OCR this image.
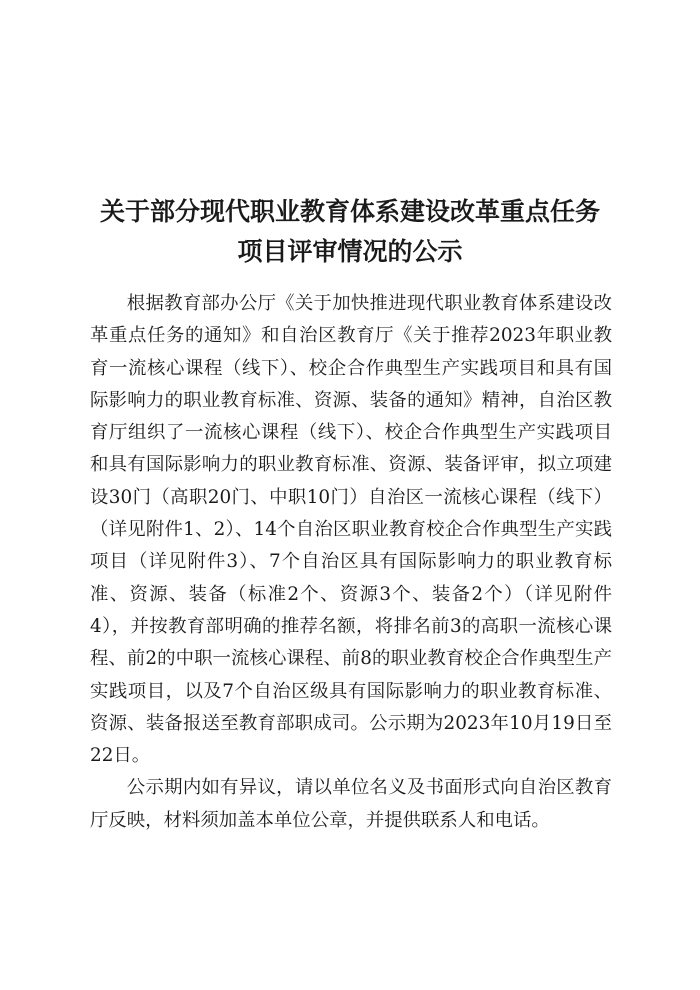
关于部分现代职业教育体系建设改革重点任务
项目评审情况的公示

根据教育部办公厅《关于加快推进现代职业教育体系建设改革重点任务的通知》和自治区教育厅《关于推荐2023年职业教育一流核心课程（线下）、校企合作典型生产实践项目和具有国际影响力的职业教育标准、资源、装备的通知》精神，自治区教育厅组织了一流核心课程（线下）、校企合作典型生产实践项目和具有国际影响力的职业教育标准、资源、装备评审，拟立项建设30门（高职20门、中职10门）自治区一流核心课程（线下）（详见附件1、2）、14个自治区职业教育校企合作典型生产实践项目（详见附件3）、7个自治区具有国际影响力的职业教育标准、资源、装备（标准2个、资源3个、装备2个）（详见附件4），并按教育部明确的推荐名额，将排名前3的高职一流核心课程、前2的中职一流核心课程、前8的职业教育校企合作典型生产实践项目，以及7个自治区级具有国际影响力的职业教育标准、资源、装备报送至教育部职成司。公示期为2023年10月19日至22日。

公示期内如有异议，请以单位名义及书面形式向自治区教育厅反映，材料须加盖本单位公章，并提供联系人和电话。
